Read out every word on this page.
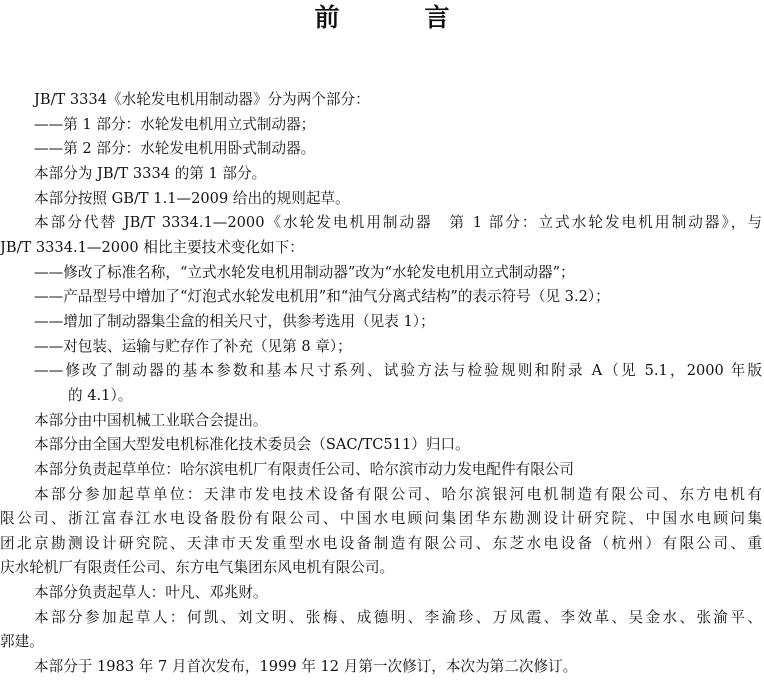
前　言

JB/T 3334《水轮发电机用制动器》分为两个部分：

——第 1 部分：水轮发电机用立式制动器；

——第 2 部分：水轮发电机用卧式制动器。

本部分为 JB/T 3334 的第 1 部分。

本部分按照 GB/T 1.1—2009 给出的规则起草。

本部分代替 JB/T 3334.1—2000《水轮发电机用制动器　第 1 部分：立式水轮发电机用制动器》，与

JB/T 3334.1—2000 相比主要技术变化如下：

——修改了标准名称，“立式水轮发电机用制动器”改为“水轮发电机用立式制动器”；

——产品型号中增加了“灯泡式水轮发电机用”和“油气分离式结构”的表示符号（见 3.2）；

——增加了制动器集尘盒的相关尺寸，供参考选用（见表 1）；

——对包装、运输与贮存作了补充（见第 8 章）；

——修改了制动器的基本参数和基本尺寸系列、试验方法与检验规则和附录 A（见 5.1，2000 年版

的 4.1）。

本部分由中国机械工业联合会提出。

本部分由全国大型发电机标准化技术委员会（SAC/TC511）归口。

本部分负责起草单位：哈尔滨电机厂有限责任公司、哈尔滨市动力发电配件有限公司

本部分参加起草单位：天津市发电技术设备有限公司、哈尔滨银河电机制造有限公司、东方电机有

限公司、浙江富春江水电设备股份有限公司、中国水电顾问集团华东勘测设计研究院、中国水电顾问集

团北京勘测设计研究院、天津市天发重型水电设备制造有限公司、东芝水电设备（杭州）有限公司、重

庆水轮机厂有限责任公司、东方电气集团东风电机有限公司。

本部分负责起草人：叶凡、邓兆财。

本部分参加起草人：何凯、刘文明、张梅、成德明、李渝珍、万凤霞、李效革、吴金水、张渝平、

郭建。

本部分于 1983 年 7 月首次发布，1999 年 12 月第一次修订，本次为第二次修订。
